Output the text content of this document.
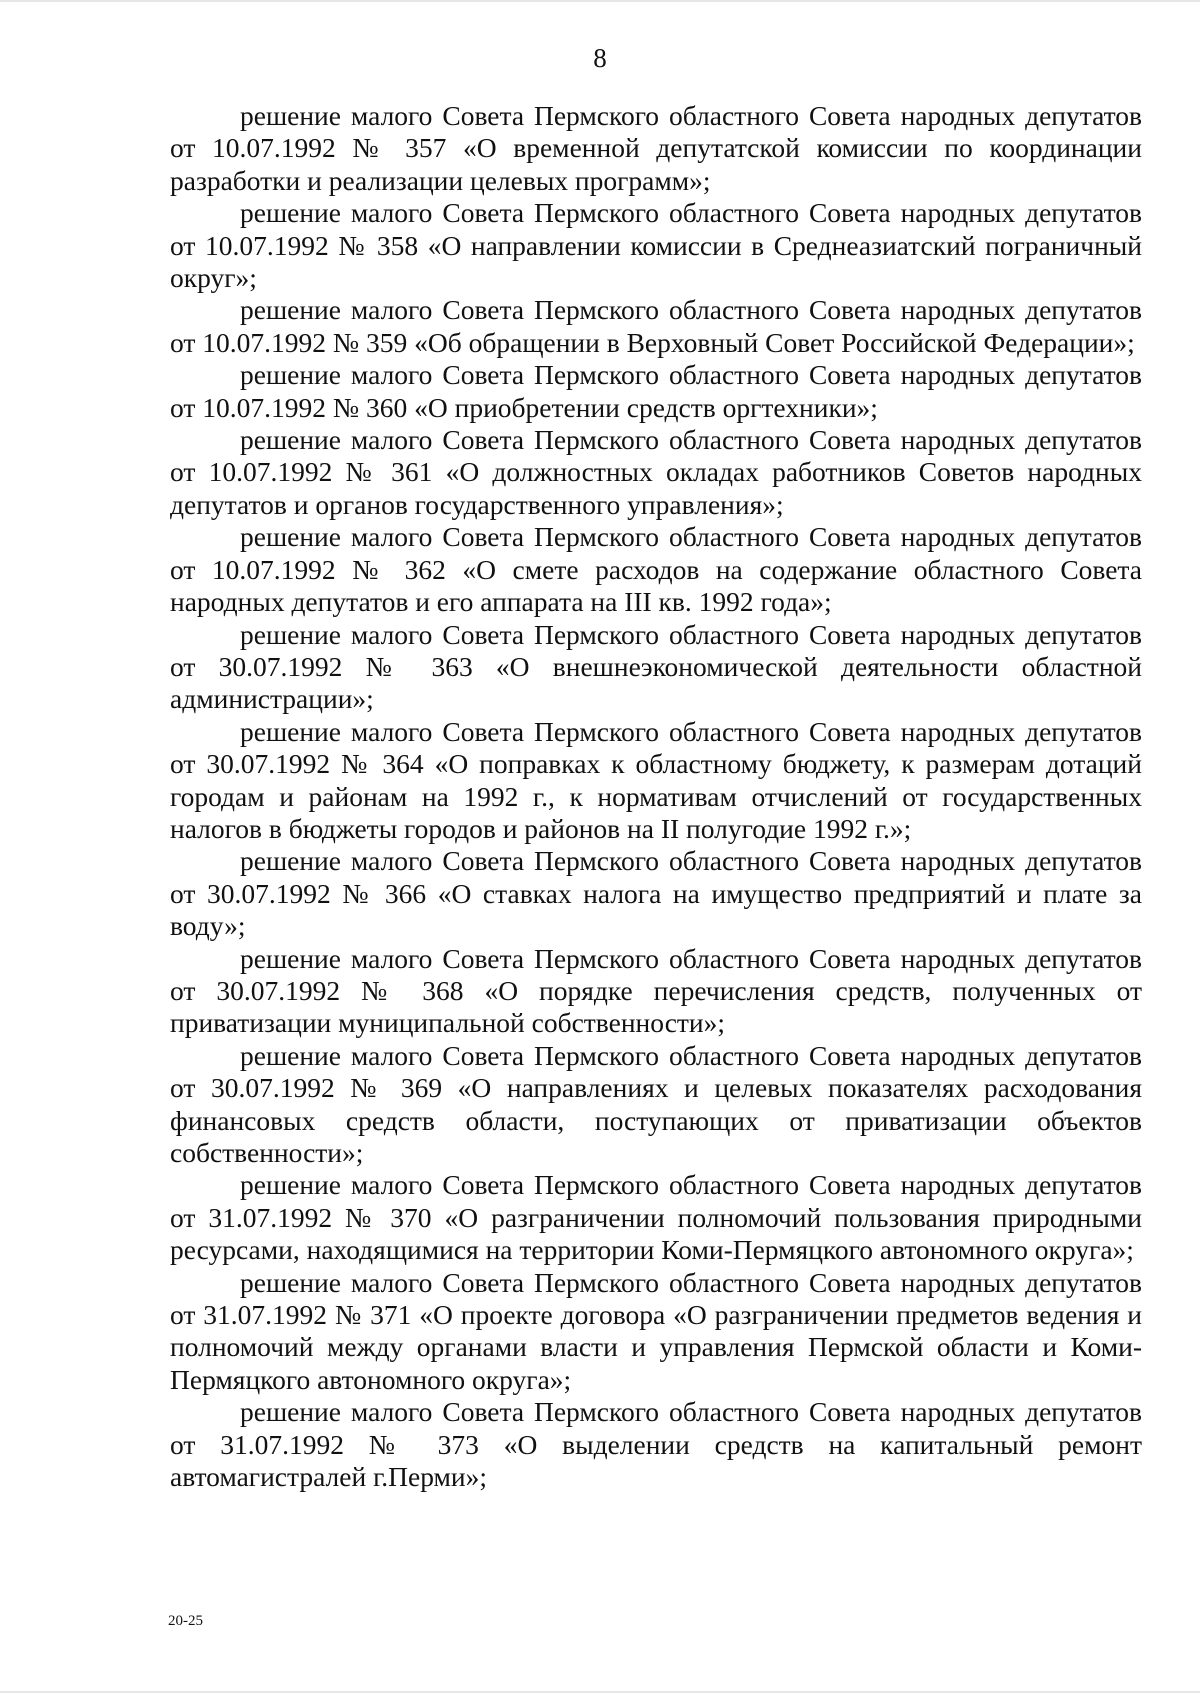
8

решение малого Совета Пермского областного Совета народных депутатов от 10.07.1992 № 357 «О временной депутатской комиссии по координации разработки и реализации целевых программ»;

решение малого Совета Пермского областного Совета народных депутатов от 10.07.1992 № 358 «О направлении комиссии в Среднеазиатский пограничный округ»;

решение малого Совета Пермского областного Совета народных депутатов от 10.07.1992 № 359 «Об обращении в Верховный Совет Российской Федерации»;

решение малого Совета Пермского областного Совета народных депутатов от 10.07.1992 № 360 «О приобретении средств оргтехники»;

решение малого Совета Пермского областного Совета народных депутатов от 10.07.1992 № 361 «О должностных окладах работников Советов народных депутатов и органов государственного управления»;

решение малого Совета Пермского областного Совета народных депутатов от 10.07.1992 № 362 «О смете расходов на содержание областного Совета народных депутатов и его аппарата на III кв. 1992 года»;

решение малого Совета Пермского областного Совета народных депутатов от 30.07.1992 № 363 «О внешнеэкономической деятельности областной администрации»;

решение малого Совета Пермского областного Совета народных депутатов от 30.07.1992 № 364 «О поправках к областному бюджету, к размерам дотаций городам и районам на 1992 г., к нормативам отчислений от государственных налогов в бюджеты городов и районов на II полугодие 1992 г.»;

решение малого Совета Пермского областного Совета народных депутатов от 30.07.1992 № 366 «О ставках налога на имущество предприятий и плате за воду»;

решение малого Совета Пермского областного Совета народных депутатов от 30.07.1992 № 368 «О порядке перечисления средств, полученных от приватизации муниципальной собственности»;

решение малого Совета Пермского областного Совета народных депутатов от 30.07.1992 № 369 «О направлениях и целевых показателях расходования финансовых средств области, поступающих от приватизации объектов собственности»;

решение малого Совета Пермского областного Совета народных депутатов от 31.07.1992 № 370 «О разграничении полномочий пользования природными ресурсами, находящимися на территории Коми-Пермяцкого автономного округа»;

решение малого Совета Пермского областного Совета народных депутатов от 31.07.1992 № 371 «О проекте договора «О разграничении предметов ведения и полномочий между органами власти и управления Пермской области и Коми-Пермяцкого автономного округа»;

решение малого Совета Пермского областного Совета народных депутатов от 31.07.1992 № 373 «О выделении средств на капитальный ремонт автомагистралей г.Перми»;

20-25
